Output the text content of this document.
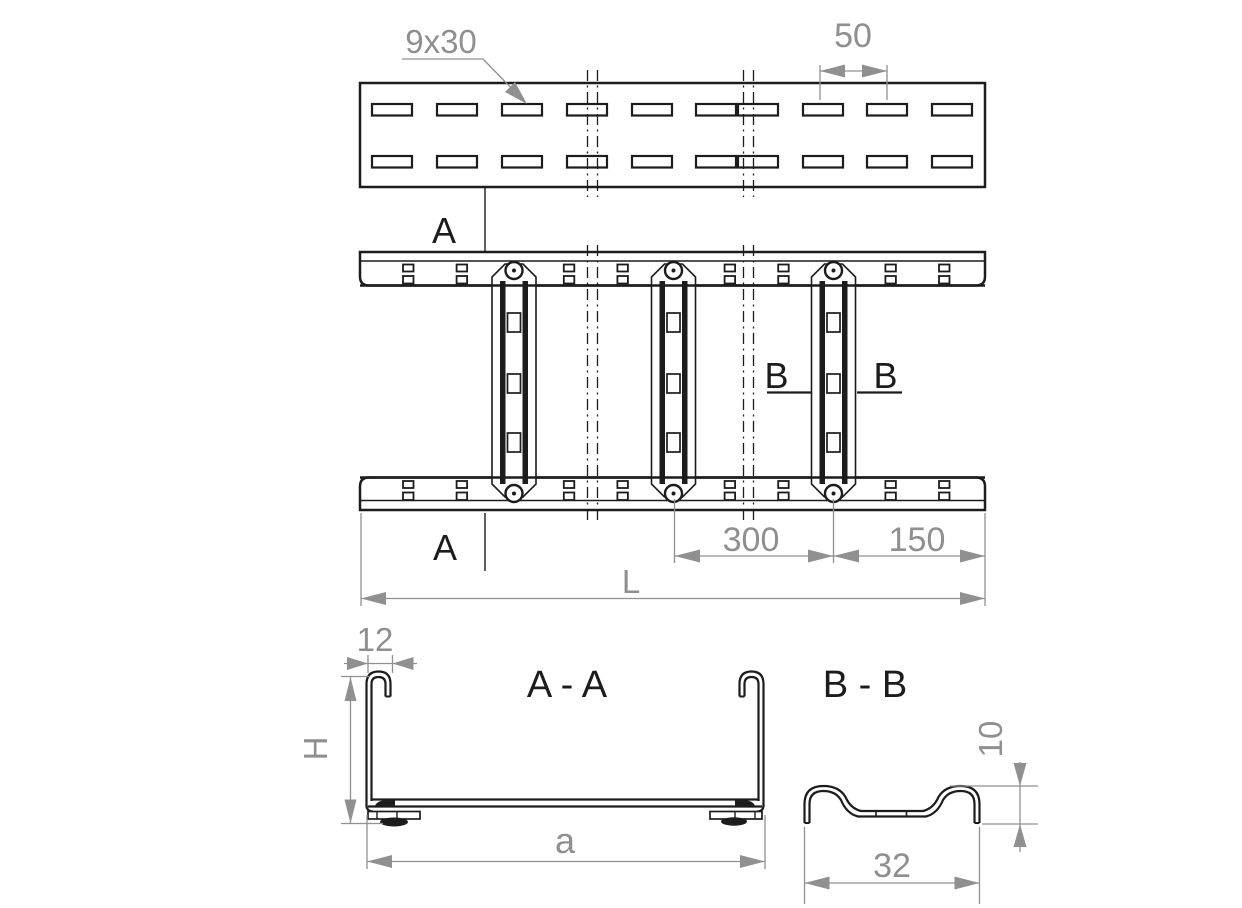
9x30	50
A
B B
A	300	150
L
A - A
12
H
a
B - B
10
32
